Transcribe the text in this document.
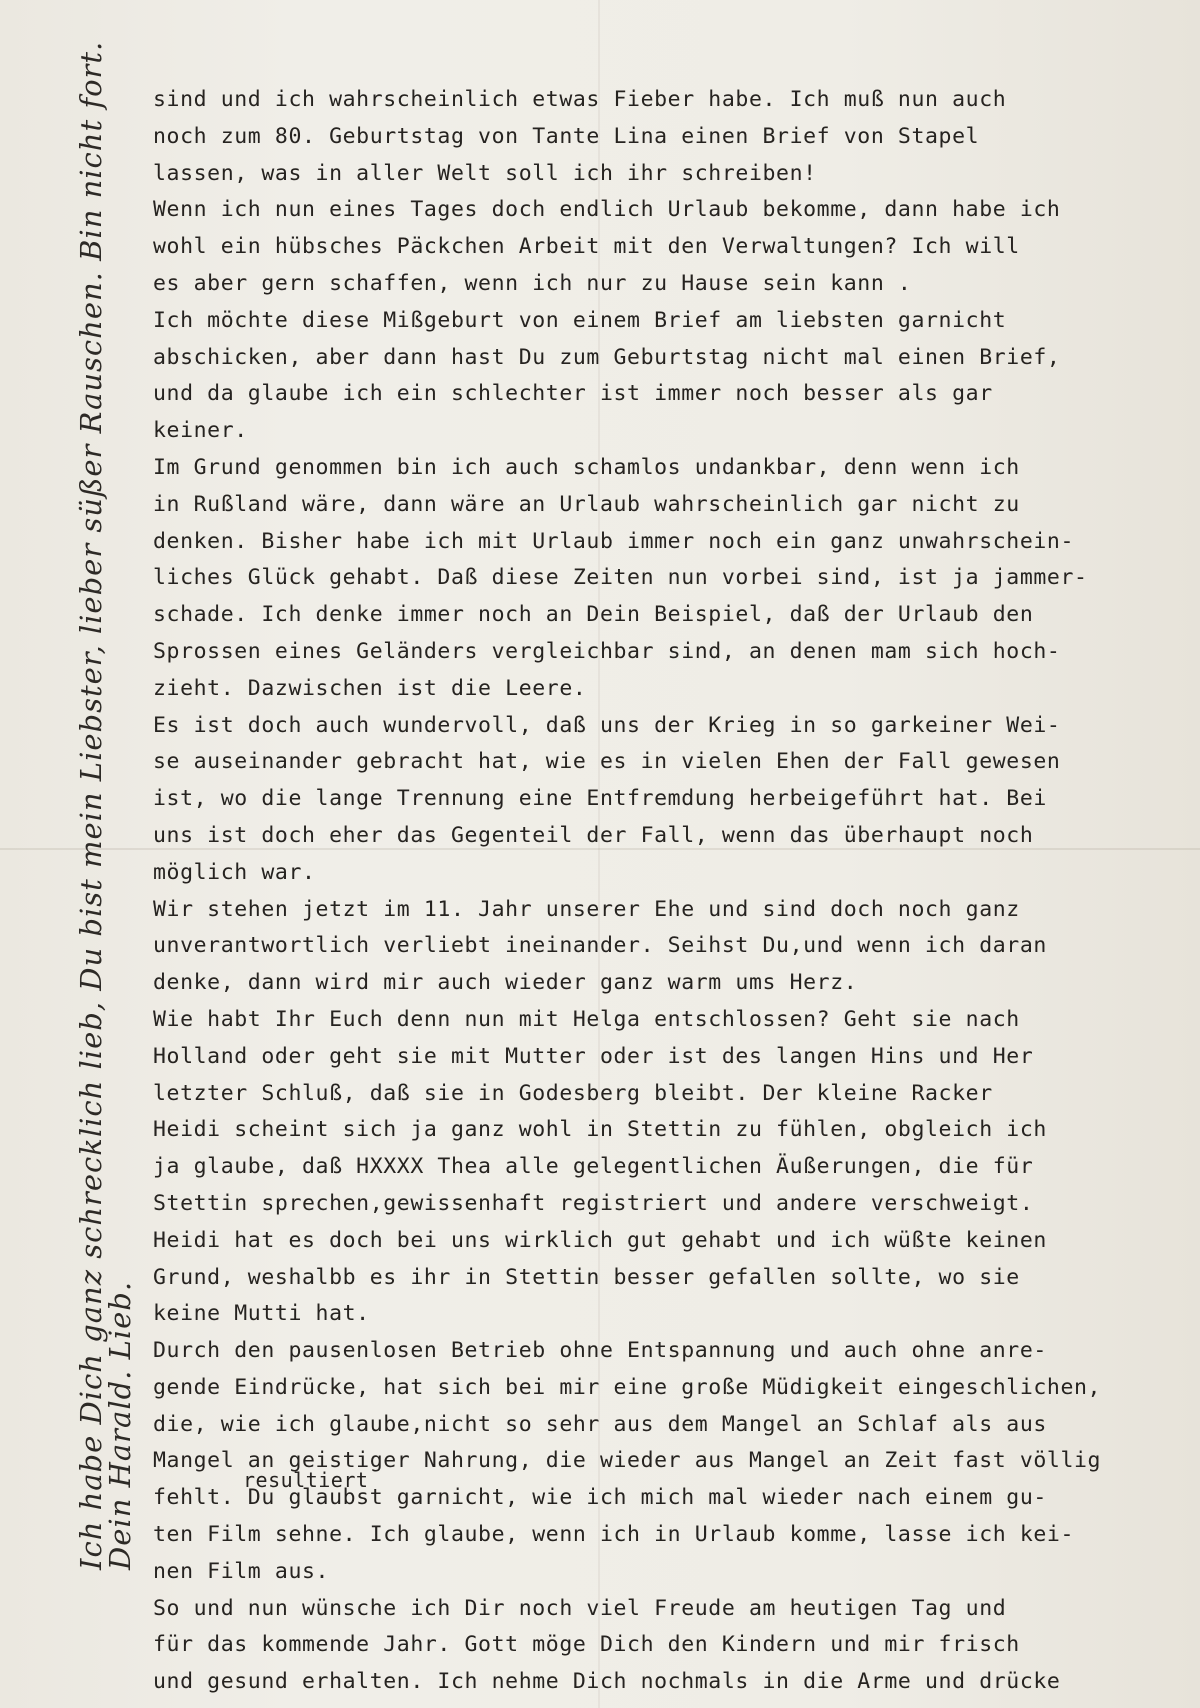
sind und ich wahrscheinlich etwas Fieber habe. Ich muß nun auch
noch zum 80. Geburtstag von Tante Lina einen Brief von Stapel
lassen, was in aller Welt soll ich ihr schreiben!
Wenn ich nun eines Tages doch endlich Urlaub bekomme, dann habe ich
wohl ein hübsches Päckchen Arbeit mit den Verwaltungen? Ich will
es aber gern schaffen, wenn ich nur zu Hause sein kann .
Ich möchte diese Mißgeburt von einem Brief am liebsten garnicht
abschicken, aber dann hast Du zum Geburtstag nicht mal einen Brief,
und da glaube ich ein schlechter ist immer noch besser als gar
keiner.
Im Grund genommen bin ich auch schamlos undankbar, denn wenn ich
in Rußland wäre, dann wäre an Urlaub wahrscheinlich gar nicht zu
denken. Bisher habe ich mit Urlaub immer noch ein ganz unwahrschein-
liches Glück gehabt. Daß diese Zeiten nun vorbei sind, ist ja jammer-
schade. Ich denke immer noch an Dein Beispiel, daß der Urlaub den
Sprossen eines Geländers vergleichbar sind, an denen mam sich hoch-
zieht. Dazwischen ist die Leere.
Es ist doch auch wundervoll, daß uns der Krieg in so garkeiner Wei-
se auseinander gebracht hat, wie es in vielen Ehen der Fall gewesen
ist, wo die lange Trennung eine Entfremdung herbeigeführt hat. Bei
uns ist doch eher das Gegenteil der Fall, wenn das überhaupt noch
möglich war.
Wir stehen jetzt im 11. Jahr unserer Ehe und sind doch noch ganz
unverantwortlich verliebt ineinander. Seihst Du,und wenn ich daran
denke, dann wird mir auch wieder ganz warm ums Herz.
Wie habt Ihr Euch denn nun mit Helga entschlossen? Geht sie nach
Holland oder geht sie mit Mutter oder ist des langen Hins und Her
letzter Schluß, daß sie in Godesberg bleibt. Der kleine Racker
Heidi scheint sich ja ganz wohl in Stettin zu fühlen, obgleich ich
ja glaube, daß HXXXX Thea alle gelegentlichen Äußerungen, die für
Stettin sprechen,gewissenhaft registriert und andere verschweigt.
Heidi hat es doch bei uns wirklich gut gehabt und ich wüßte keinen
Grund, weshalbb es ihr in Stettin besser gefallen sollte, wo sie
keine Mutti hat.
Durch den pausenlosen Betrieb ohne Entspannung und auch ohne anre-
gende Eindrücke, hat sich bei mir eine große Müdigkeit eingeschlichen,
die, wie ich glaube,nicht so sehr aus dem Mangel an Schlaf als aus
Mangel an geistiger Nahrung, die wieder aus Mangel an Zeit fast völlig
fehlt. Du glaubst garnicht, wie ich mich mal wieder nach einem gu-
ten Film sehne. Ich glaube, wenn ich in Urlaub komme, lasse ich kei-
nen Film aus.
So und nun wünsche ich Dir noch viel Freude am heutigen Tag und
für das kommende Jahr. Gott möge Dich den Kindern und mir frisch
und gesund erhalten. Ich nehme Dich nochmals in die Arme und drücke
resultiert
Ich habe Dich ganz schrecklich lieb, Du bist mein Liebster, lieber süßer Rauschen. Bin nicht fort.
Dein Harald. Lieb.
